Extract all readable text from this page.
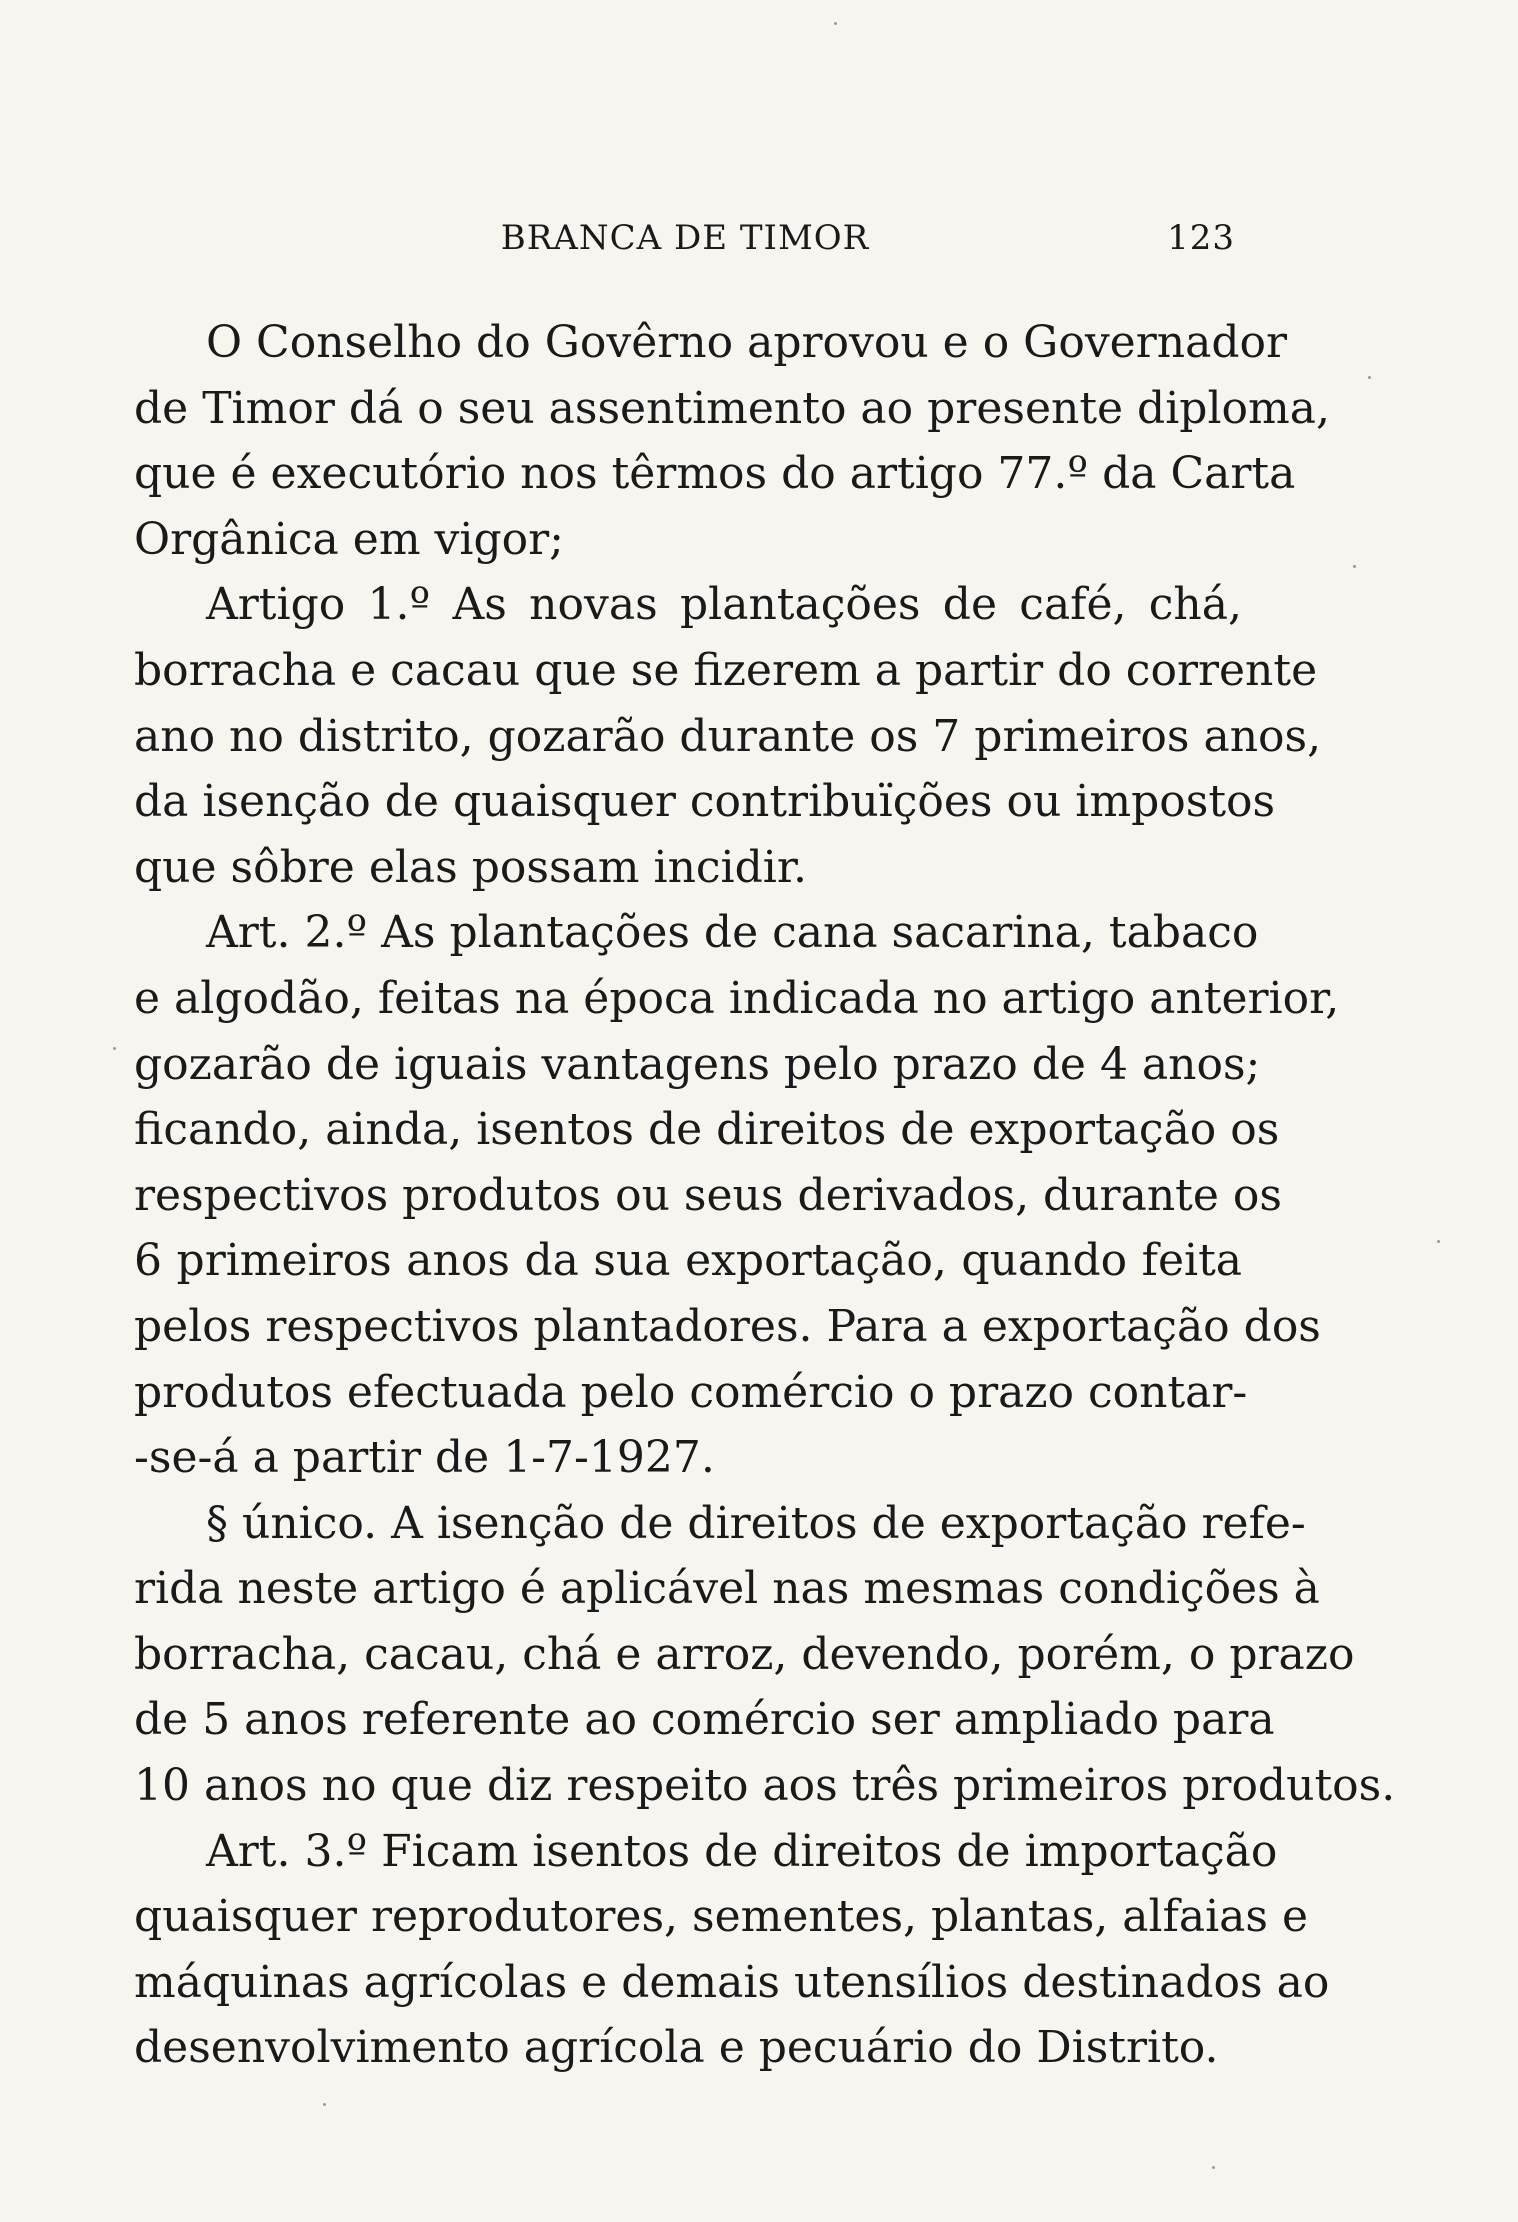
BRANCA DE TIMOR	123
O Conselho do Govêrno aprovou e o Governador
de Timor dá o seu assentimento ao presente diploma,
que é executório nos têrmos do artigo 77.º da Carta
Orgânica em vigor;
Artigo 1.º As novas plantações de café, chá,
borracha e cacau que se fizerem a partir do corrente
ano no distrito, gozarão durante os 7 primeiros anos,
da isenção de quaisquer contribuïções ou impostos
que sôbre elas possam incidir.
Art. 2.º As plantações de cana sacarina, tabaco
e algodão, feitas na época indicada no artigo anterior,
gozarão de iguais vantagens pelo prazo de 4 anos;
ficando, ainda, isentos de direitos de exportação os
respectivos produtos ou seus derivados, durante os
6 primeiros anos da sua exportação, quando feita
pelos respectivos plantadores. Para a exportação dos
produtos efectuada pelo comércio o prazo contar-
-se-á a partir de 1-7-1927.
§ único. A isenção de direitos de exportação refe-
rida neste artigo é aplicável nas mesmas condições à
borracha, cacau, chá e arroz, devendo, porém, o prazo
de 5 anos referente ao comércio ser ampliado para
10 anos no que diz respeito aos três primeiros produtos.
Art. 3.º Ficam isentos de direitos de importação
quaisquer reprodutores, sementes, plantas, alfaias e
máquinas agrícolas e demais utensílios destinados ao
desenvolvimento agrícola e pecuário do Distrito.
